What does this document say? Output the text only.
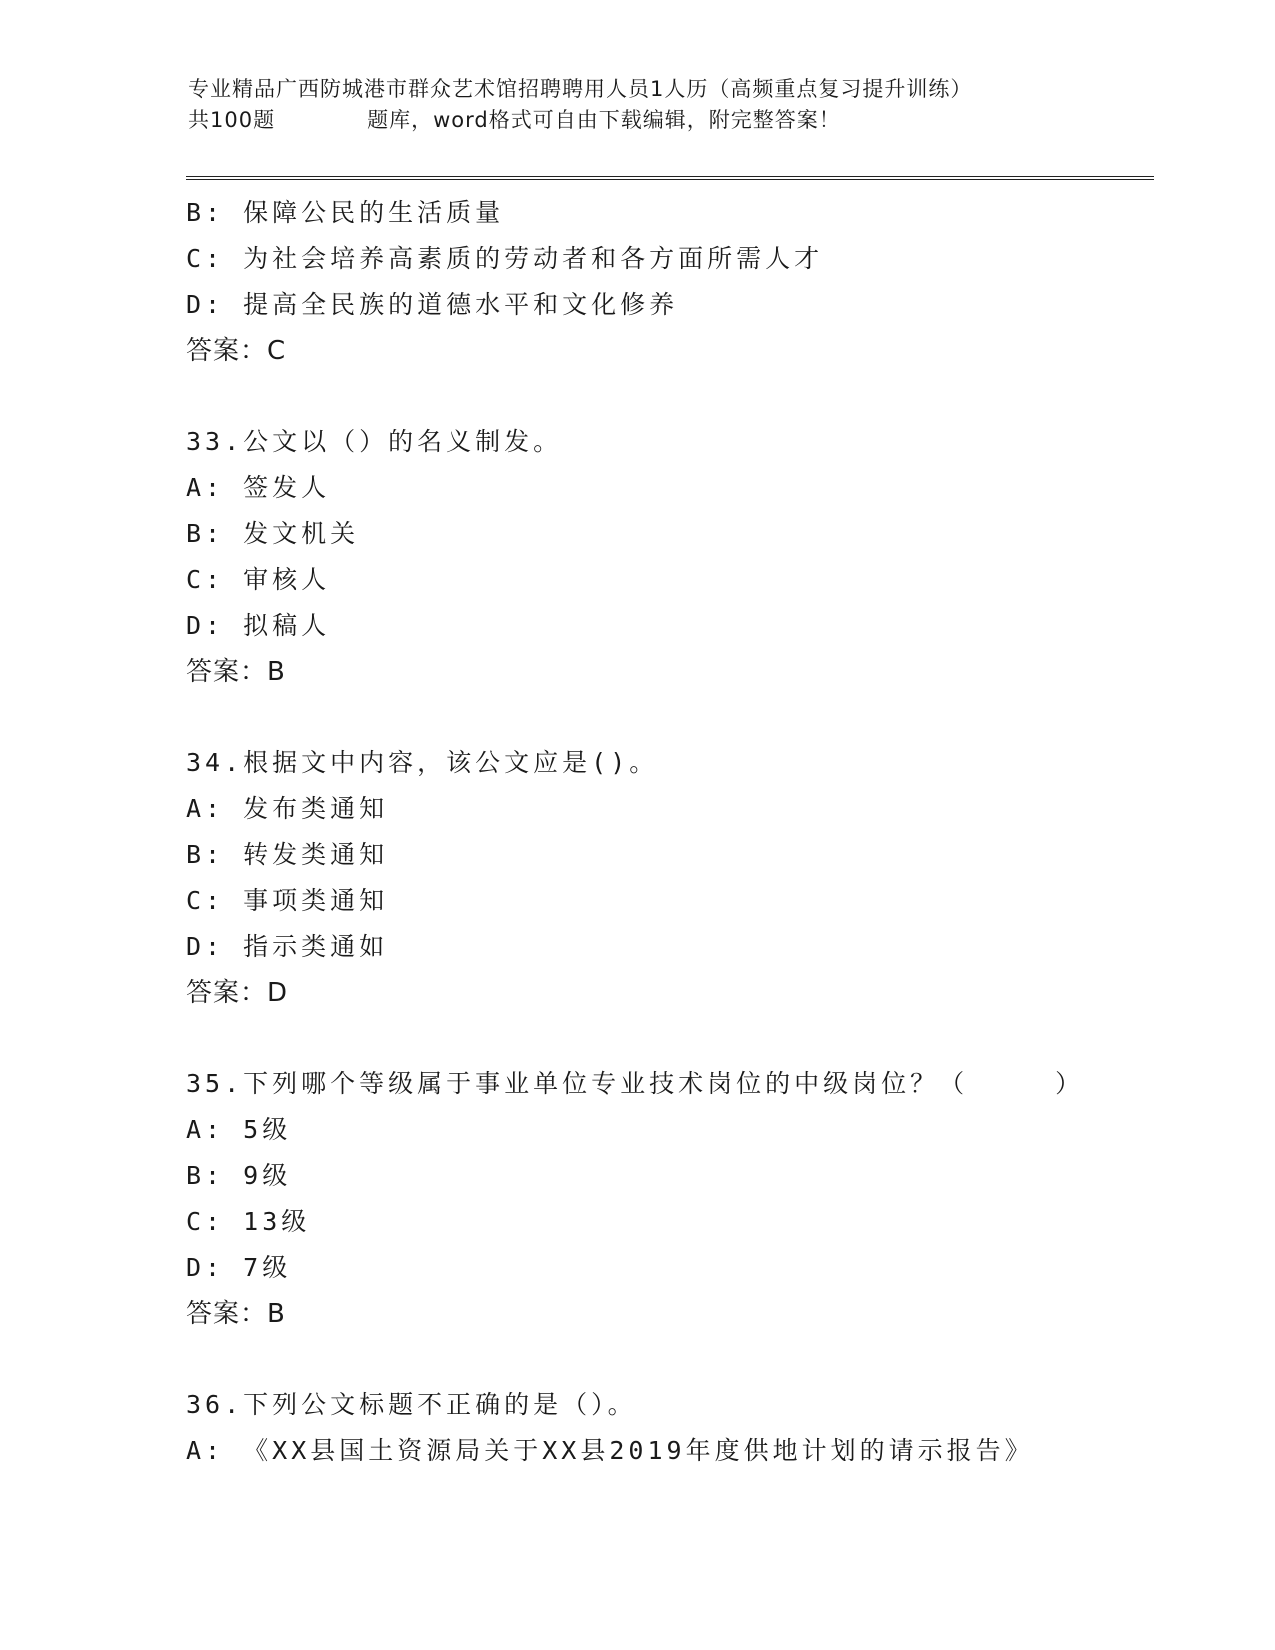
专业精品广西防城港市群众艺术馆招聘聘用人员1人历（高频重点复习提升训练）
共100题	题库，word格式可自由下载编辑，附完整答案！
B: 保障公民的生活质量
C: 为社会培养高素质的劳动者和各方面所需人才
D: 提高全民族的道德水平和文化修养
答案：C
33.公文以（）的名义制发。
A: 签发人
B: 发文机关
C: 审核人
D: 拟稿人
答案：B
34.根据文中内容，该公文应是()。
A: 发布类通知
B: 转发类通知
C: 事项类通知
D: 指示类通如
答案：D
35.下列哪个等级属于事业单位专业技术岗位的中级岗位？（　　　）
A: 5级
B: 9级
C: 13级
D: 7级
答案：B
36.下列公文标题不正确的是（）。
A: 《XX县国土资源局关于XX县2019年度供地计划的请示报告》
